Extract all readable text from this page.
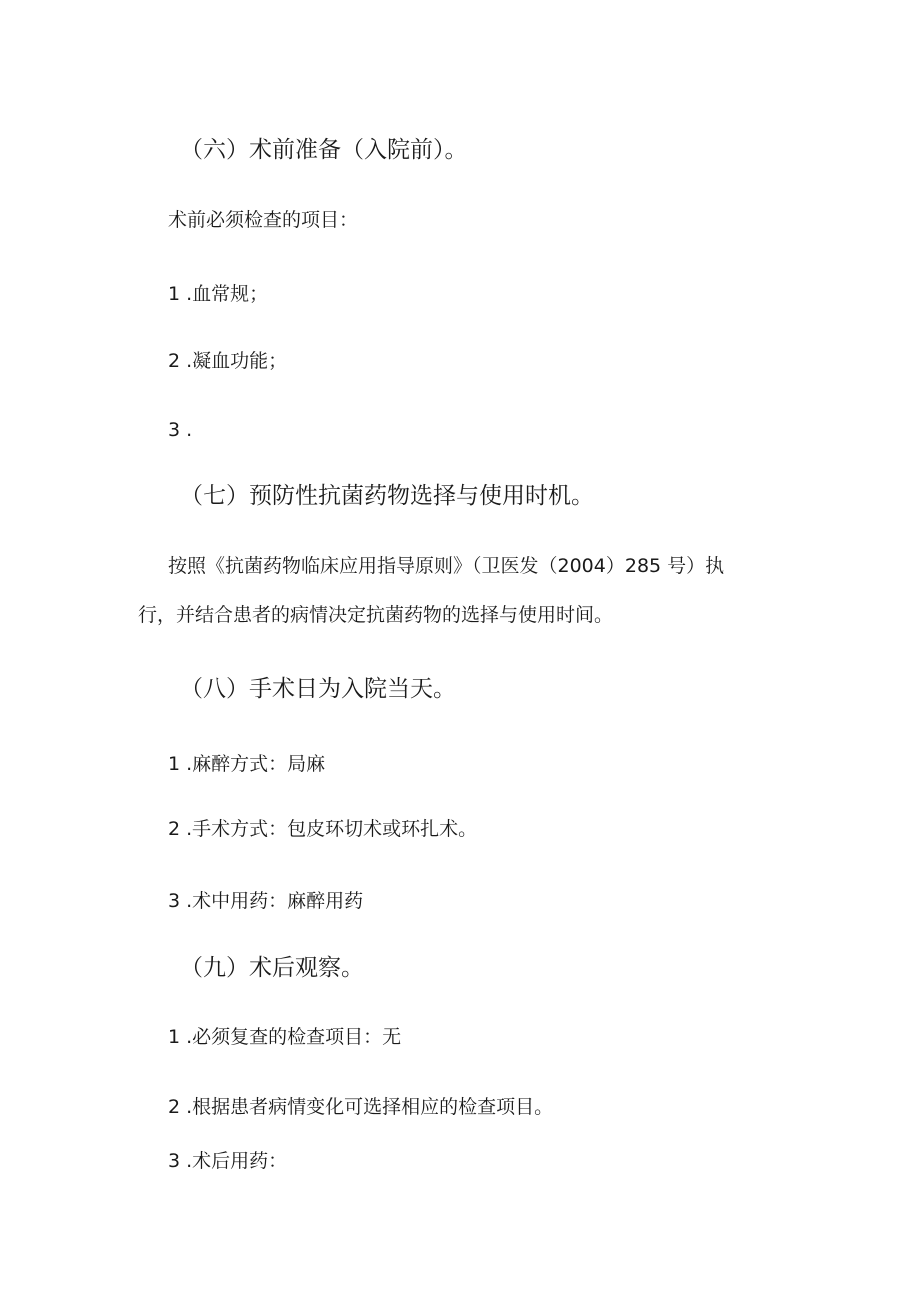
（六）术前准备（入院前）。
术前必须检查的项目：
1 .血常规；
2 .凝血功能；
3 .
（七）预防性抗菌药物选择与使用时机。
按照《抗菌药物临床应用指导原则》（卫医发（2004）285 号）执
行，并结合患者的病情决定抗菌药物的选择与使用时间。
（八）手术日为入院当天。
1 .麻醉方式：局麻
2 .手术方式：包皮环切术或环扎术。
3 .术中用药：麻醉用药
（九）术后观察。
1 .必须复查的检查项目：无
2 .根据患者病情变化可选择相应的检查项目。
3 .术后用药：
